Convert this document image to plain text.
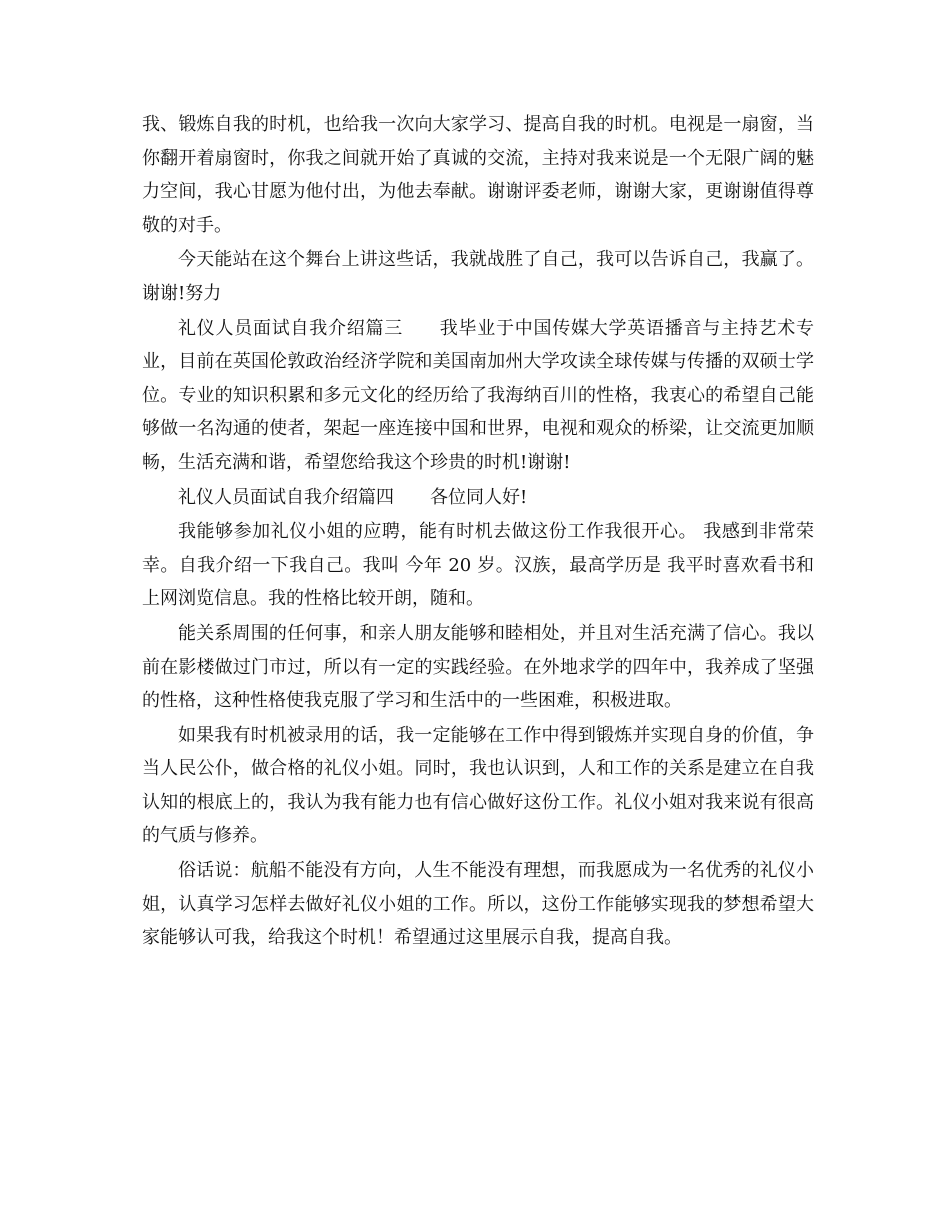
我、锻炼自我的时机，也给我一次向大家学习、提高自我的时机。电视是一扇窗，当你翻开着扇窗时，你我之间就开始了真诚的交流，主持对我来说是一个无限广阔的魅力空间，我心甘愿为他付出，为他去奉献。谢谢评委老师，谢谢大家，更谢谢值得尊敬的对手。

今天能站在这个舞台上讲这些话，我就战胜了自己，我可以告诉自己，我赢了。谢谢!努力

礼仪人员面试自我介绍篇三 我毕业于中国传媒大学英语播音与主持艺术专业，目前在英国伦敦政治经济学院和美国南加州大学攻读全球传媒与传播的双硕士学位。专业的知识积累和多元文化的经历给了我海纳百川的性格，我衷心的希望自己能够做一名沟通的使者，架起一座连接中国和世界，电视和观众的桥梁，让交流更加顺畅，生活充满和谐，希望您给我这个珍贵的时机!谢谢!

礼仪人员面试自我介绍篇四 各位同人好!

我能够参加礼仪小姐的应聘，能有时机去做这份工作我很开心。 我感到非常荣幸。自我介绍一下我自己。我叫 今年 20 岁。汉族，最高学历是 我平时喜欢看书和上网浏览信息。我的性格比较开朗，随和。

能关系周围的任何事，和亲人朋友能够和睦相处，并且对生活充满了信心。我以前在影楼做过门市过，所以有一定的实践经验。在外地求学的四年中，我养成了坚强的性格，这种性格使我克服了学习和生活中的一些困难，积极进取。

如果我有时机被录用的话，我一定能够在工作中得到锻炼并实现自身的价值，争当人民公仆，做合格的礼仪小姐。同时，我也认识到，人和工作的关系是建立在自我认知的根底上的，我认为我有能力也有信心做好这份工作。礼仪小姐对我来说有很高的气质与修养。

俗话说：航船不能没有方向，人生不能没有理想，而我愿成为一名优秀的礼仪小姐，认真学习怎样去做好礼仪小姐的工作。所以，这份工作能够实现我的梦想希望大家能够认可我，给我这个时机！希望通过这里展示自我，提高自我。
